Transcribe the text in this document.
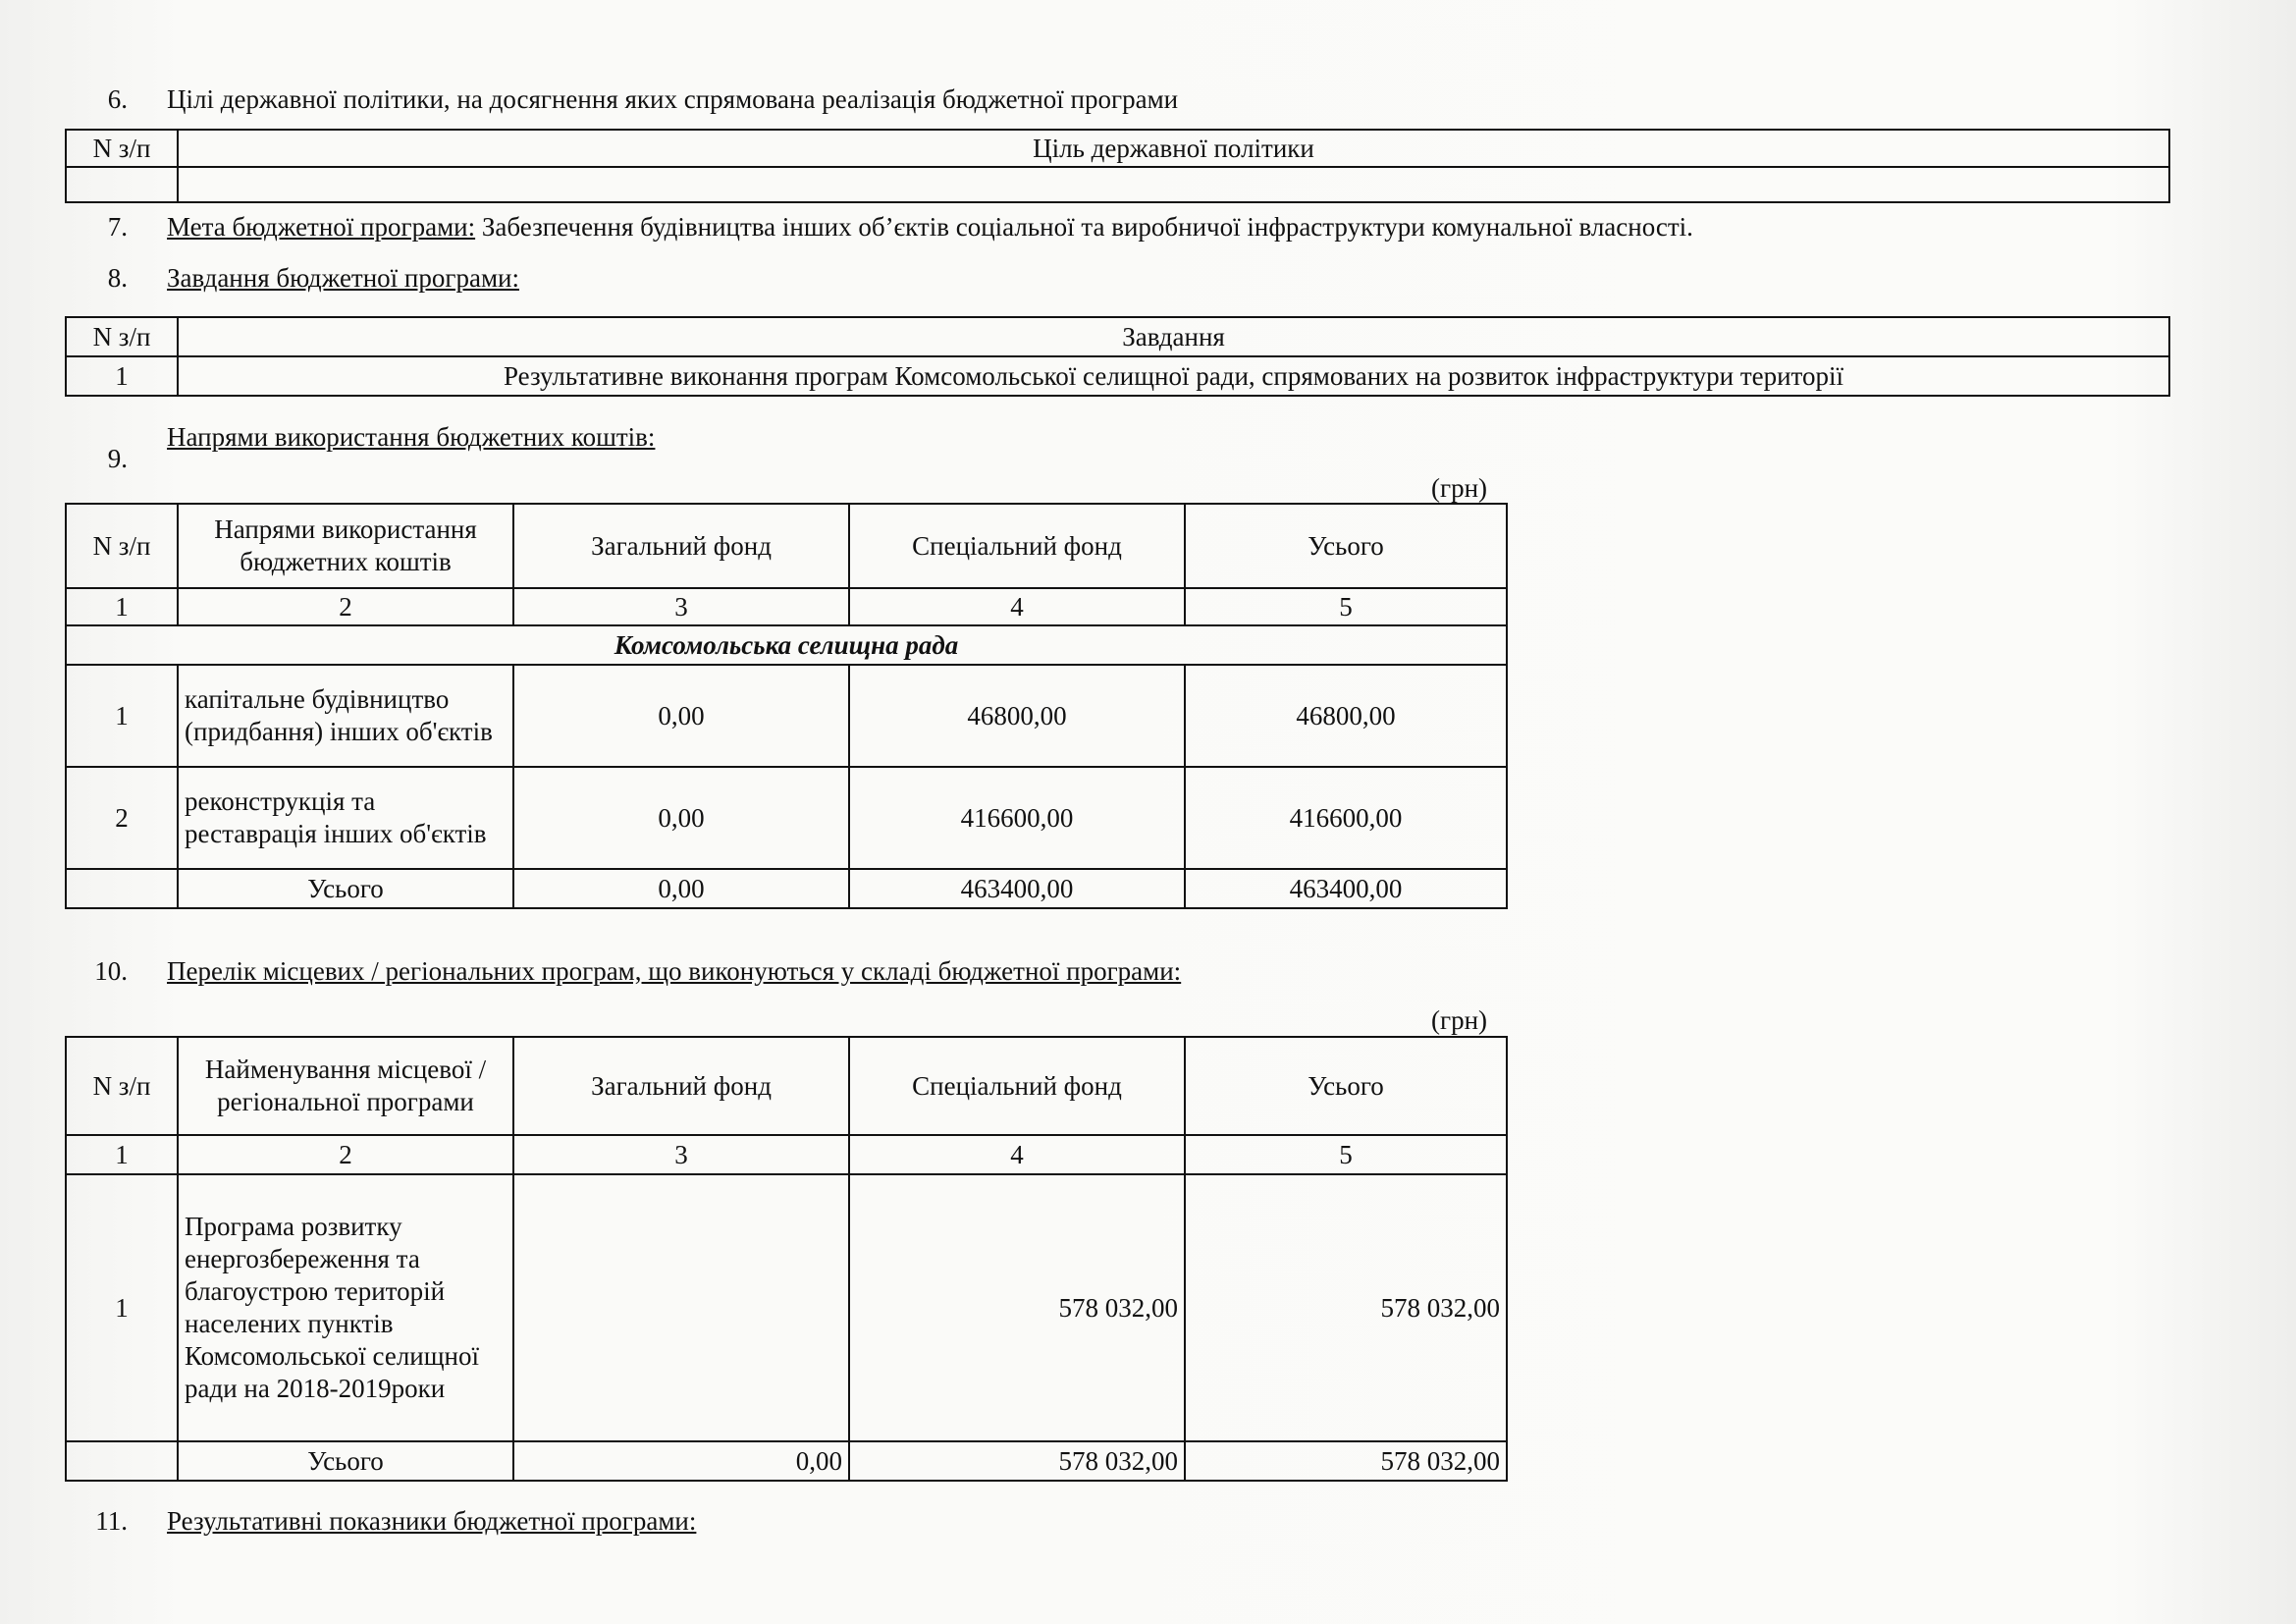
6. Цілі державної політики, на досягнення яких спрямована реалізація бюджетної програми
N з/п	Ціль державної політики

7. Мета бюджетної програми: Забезпечення будівництва інших об’єктів соціальної та виробничої інфраструктури комунальної власності.
8. Завдання бюджетної програми:
N з/п	Завдання
1	Результативне виконання програм Комсомольської селищної ради, спрямованих на розвиток інфраструктури території
9.
Напрями використання бюджетних коштів:
(грн)
N з/п	Напрями використання бюджетних коштів	Загальний фонд	Спеціальний фонд	Усього
1	2	3	4	5
Комсомольська селищна рада				
1	капітальне будівництво (придбання) інших об'єктів	0,00	46800,00	46800,00
2	реконструкція та реставрація інших об'єктів	0,00	416600,00	416600,00
	Усього	0,00	463400,00	463400,00
10. Перелік місцевих / регіональних програм, що виконуються у складі бюджетної програми:
(грн)
N з/п	Найменування місцевої / регіональної програми	Загальний фонд	Спеціальний фонд	Усього
1	2	3	4	5
1	Програма розвитку енергозбереження та благоустрою територій населених пунктів Комсомольської селищної ради на 2018-2019роки		578 032,00	578 032,00
	Усього	0,00	578 032,00	578 032,00
11. Результативні показники бюджетної програми:
